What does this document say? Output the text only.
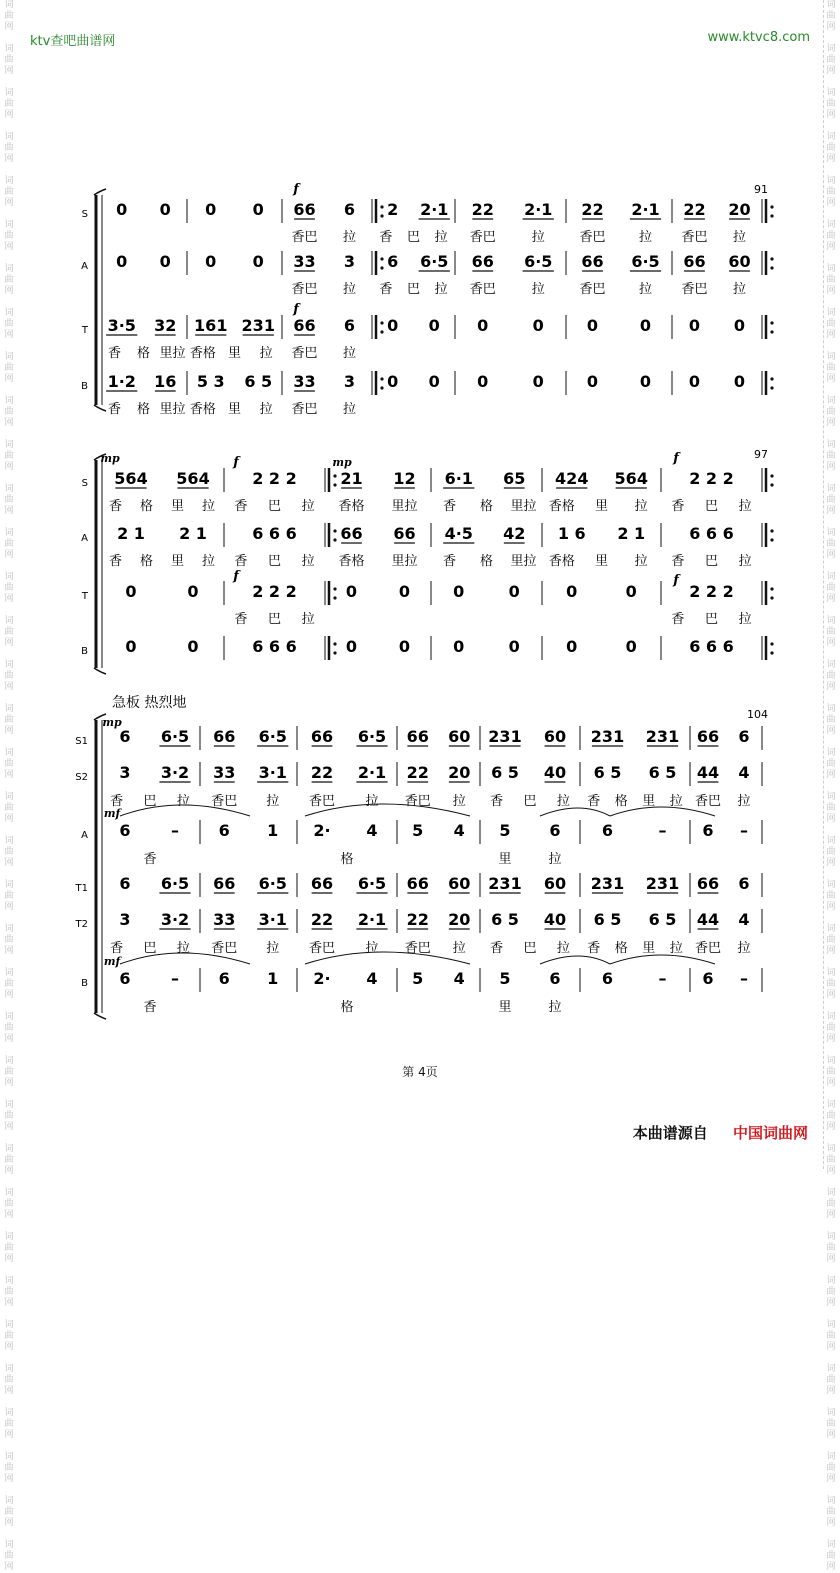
ktv查吧曲谱网	www.ktvc8.com
词
曲
网

词
曲
网

词
曲
网

词
曲
网

词
曲
网

词
曲
网

词
曲
网

词
曲
网

词
曲
网

词
曲
网

词
曲
网

词
曲
网

词
曲
网

词
曲
网

词
曲
网

词
曲
网

词
曲
网

词
曲
网

词
曲
网

词
曲
网

词
曲
网

词
曲
网

词
曲
网

词
曲
网

词
曲
网

词
曲
网

词
曲
网

词
曲
网

词
曲
网

词
曲
网

词
曲
网

词
曲
网

词
曲
网

词
曲
网

词
曲
网

词
曲
网

词
曲
网

词
曲
网

词
曲
网

词
曲
网

词
曲
网

词
曲
网

词
曲
网

词
曲
网

词
曲
网

词
曲
网

词
曲
网

词
曲
网

词
曲
网

词
曲
网

词
曲
网

词
曲
网

词
曲
网

词
曲
网

词
曲
网

词
曲
网

词
曲
网

词
曲
网

词
曲
网

词
曲
网

词
曲
网

词
曲
网

词
曲
网

词
曲
网

词
曲
网

词
曲
网

词
曲
网

词
曲
网

词
曲
网

词
曲
网

词
曲
网

词
曲
网

91
S 0 0 0 0 66 6 2 2·1 22 2·1 22 2·1 22 20
香巴 拉 香 巴 拉 香巴	拉	香巴	拉 香巴 拉
A 0 0 0 0 33 3 6 6·5 66 6·5 66 6·5 66 60
香巴 拉 香 巴 拉 香巴	拉	香巴	拉 香巴 拉
T 3·5 32 161 231 66 6 0 0 0	0	0	0 0 0
香 格 里拉 香格 里 拉 香巴 拉
B 1·2 16 5 3 6 5 33 3 0 0 0	0	0	0 0 0
香 格 里拉 香格 里 拉 香巴 拉
97
S 564 564	2 2 2	21 12 6·1 65 424 564	2 2 2
香 格 里 拉 香 巴 拉 香格 里拉 香 格 里拉 香格 里 拉 香 巴 拉
A 2 1 2 1	6 6 6	66 66 4·5 42 1 6 2 1	6 6 6
香 格 里 拉 香 巴 拉 香格 里拉 香 格 里拉 香格 里 拉 香 巴 拉
T 0	0	2 2 2	0	0	0	0	0	0	2 2 2
香 巴 拉	香 巴 拉
B 0	0	6 6 6	0	0	0	0	0	0	6 6 6
104
S1 6 6·5 66 6·5 66 6·5 66 60 231 60 231 231 66 6
S2 3 3·2 33 3·1 22 2·1 22 20 6 5 40 6 5 6 5 44 4
香 巴 拉 香巴 拉 香巴 拉 香巴 拉 香 巴 拉 香 格 里 拉 香巴 拉
A 6	– 6 1 2· 4 5 4 5 6	6	– 6 –
香	格	里	拉
T1 6 6·5 66 6·5 66 6·5 66 60 231 60 231 231 66 6
T2 3 3·2 33 3·1 22 2·1 22 20 6 5 40 6 5 6 5 44 4
香 巴 拉 香巴 拉 香巴 拉 香巴 拉 香 巴 拉 香 格 里 拉 香巴 拉
B 6	– 6 1 2· 4 5 4 5 6	6	– 6 –
香	格	里	拉
f
f
mp	f	mp	f
f	f
mp
mf
mf
急板 热烈地
第 4页
本曲谱源自 中国词曲网
